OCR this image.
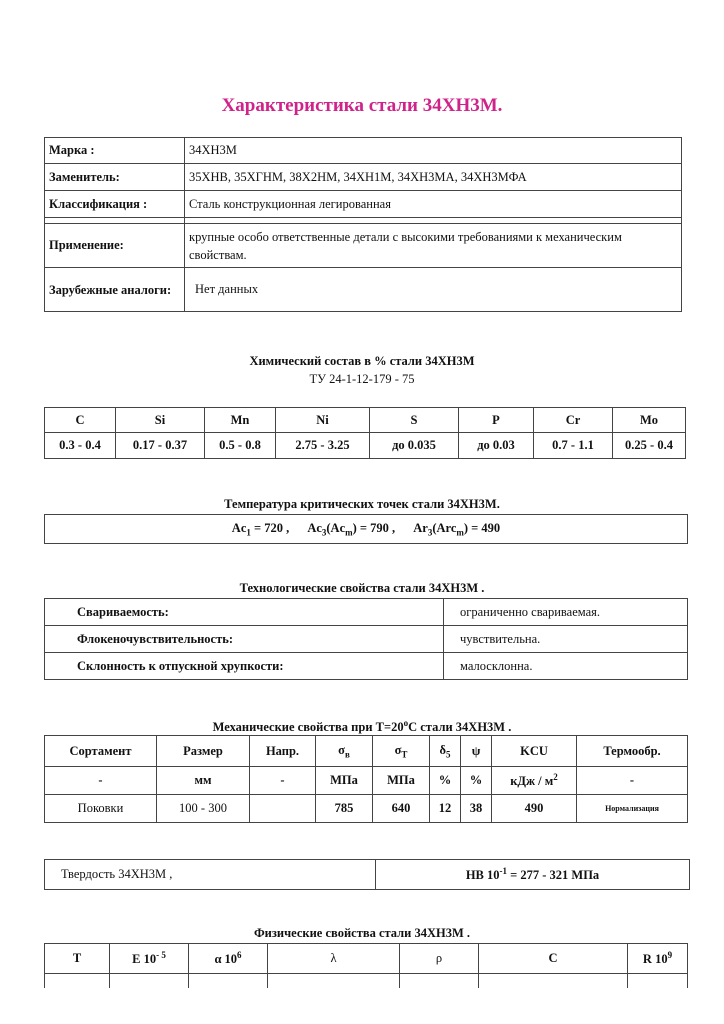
Характеристика стали 34ХН3М.
Марка :	34ХН3М
Заменитель:	35ХНВ, 35ХГНМ, 38Х2НМ, 34ХН1М, 34ХН3МА, 34ХН3МФА
Классификация :	Сталь конструкционная легированная

Применение:	крупные особо ответственные детали с высокими требованиями к механическим свойствам.
Зарубежные аналоги:	Нет данных
Химический состав в % стали 34ХН3М
ТУ 24-1-12-179 - 75
C	Si	Mn	Ni	S	P	Cr	Mo
0.3 - 0.4	0.17 - 0.37	0.5 - 0.8	2.75 - 3.25	до 0.035	до 0.03	0.7 - 1.1	0.25 - 0.4
Температура критических точек стали 34ХН3М.
$Ac_1 = 720$ , $Ac_3(Ac_m) = 790$ , $Ar_3(Arc_m) = 490$
Технологические свойства стали 34ХН3М .
Свариваемость:	ограниченно свариваемая.
Флокеночувствительность:	чувствительна.
Склонность к отпускной хрупкости:	малосклонна.
Механические свойства при $Т=20^oС$ стали 34ХН3М .
Сортамент	Размер	Напр.	$\sigma_в$	$\sigma_T$	$\delta_5$	ψ	KCU	Термообр.
-	мм	-	МПа	МПа	%	%	кДж / $м^2$	-
Поковки	100 - 300		785	640	12	38	490	Нормализация
Твердость 34ХН3М ,	HB $10^{-1} = 277 - 321$ МПа
Физические свойства стали 34ХН3М .
T	E $10^{- 5}$	α $10^6$	λ	ρ	C	R $10^9$
